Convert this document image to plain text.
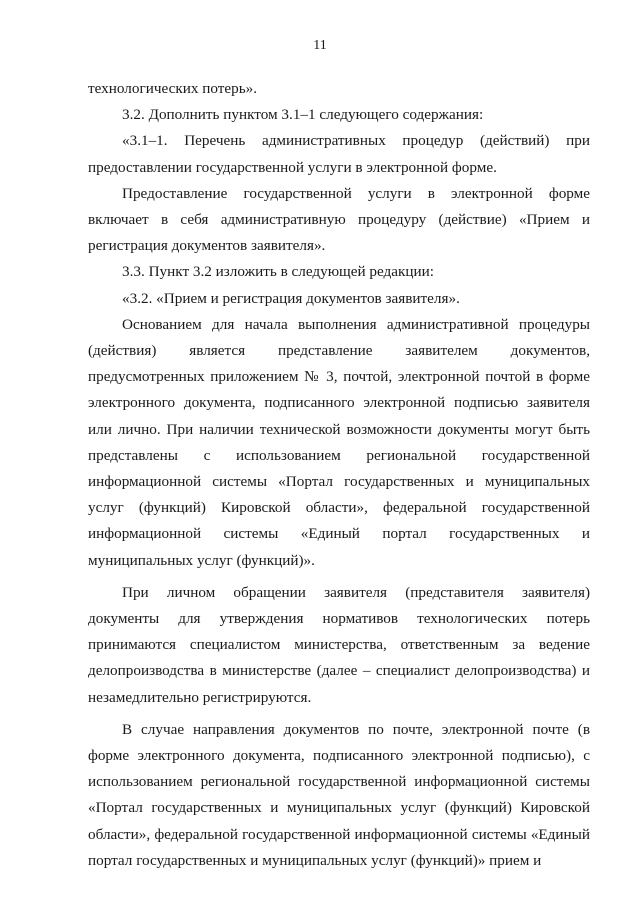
11

технологических потерь».

3.2. Дополнить пунктом 3.1–1 следующего содержания:

«3.1–1. Перечень административных процедур (действий) при предоставлении государственной услуги в электронной форме.

Предоставление государственной услуги в электронной форме включает в себя административную процедуру (действие) «Прием и регистрация документов заявителя».

3.3. Пункт 3.2 изложить в следующей редакции:

«3.2. «Прием и регистрация документов заявителя».

Основанием для начала выполнения административной процедуры (действия) является представление заявителем документов, предусмотренных приложением № 3, почтой, электронной почтой в форме электронного документа, подписанного электронной подписью заявителя или лично. При наличии технической возможности документы могут быть представлены с использованием региональной государственной информационной системы «Портал государственных и муниципальных услуг (функций) Кировской области», федеральной государственной информационной системы «Единый портал государственных и муниципальных услуг (функций)».

При личном обращении заявителя (представителя заявителя) документы для утверждения нормативов технологических потерь принимаются специалистом министерства, ответственным за ведение делопроизводства в министерстве (далее – специалист делопроизводства) и незамедлительно регистрируются.

В случае направления документов по почте, электронной почте (в форме электронного документа, подписанного электронной подписью), с использованием региональной государственной информационной системы «Портал государственных и муниципальных услуг (функций) Кировской области», федеральной государственной информационной системы «Единый портал государственных и муниципальных услуг (функций)» прием и
